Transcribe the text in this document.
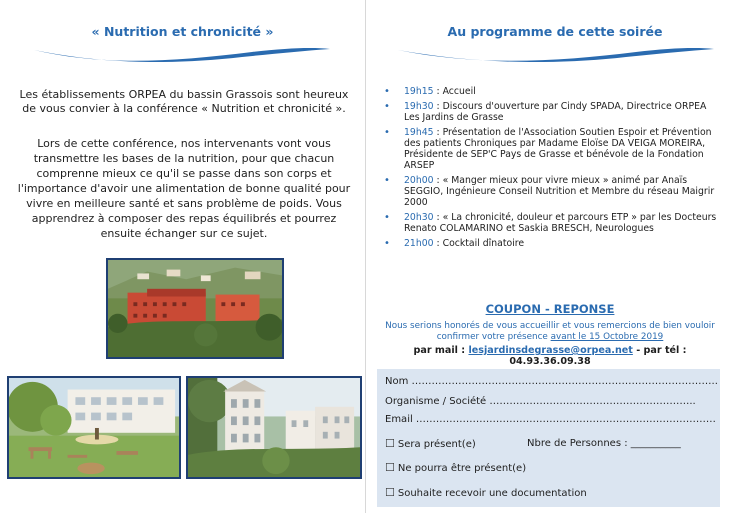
« Nutrition et chronicité »

Les établissements ORPEA du bassin Grassois sont heureux de vous convier à la conférence « Nutrition et chronicité ».

Lors de cette conférence, nos intervenants vont vous transmettre les bases de la nutrition, pour que chacun comprenne mieux ce qu'il se passe dans son corps et l'importance d'avoir une alimentation de bonne qualité pour vivre en meilleure santé et sans problème de poids. Vous apprendrez à composer des repas équilibrés et pourrez ensuite échanger sur ce sujet.

Au programme de cette soirée
• 19h15 : Accueil
• 19h30 : Discours d'ouverture par Cindy SPADA, Directrice ORPEA Les Jardins de Grasse
• 19h45 : Présentation de l'Association Soutien Espoir et Prévention des patients Chroniques par Madame Eloïse DA VEIGA MOREIRA, Présidente de SEP'C Pays de Grasse et bénévole de la Fondation ARSEP
• 20h00 : « Manger mieux pour vivre mieux » animé par Anaïs SEGGIO, Ingénieure Conseil Nutrition et Membre du réseau Maigrir 2000
• 20h30 : « La chronicité, douleur et parcours ETP » par les Docteurs Renato COLAMARINO et Saskia BRESCH, Neurologues
• 21h00 : Cocktail dînatoire
COUPON - REPONSE
Nous serions honorés de vous accueillir et vous remercions de bien vouloir
confirmer votre présence avant le 15 Octobre 2019
par mail : lesjardinsdegrasse@orpea.net - par tél : 04.93.36.09.38
Nom ………………………………………………………………………………..
Organisme / Société ……………………………………………………..
Email ………………………………………………………………………………
☐ Sera présent(e)	Nbre de Personnes : __________
☐ Ne pourra être présent(e)
☐ Souhaite recevoir une documentation
